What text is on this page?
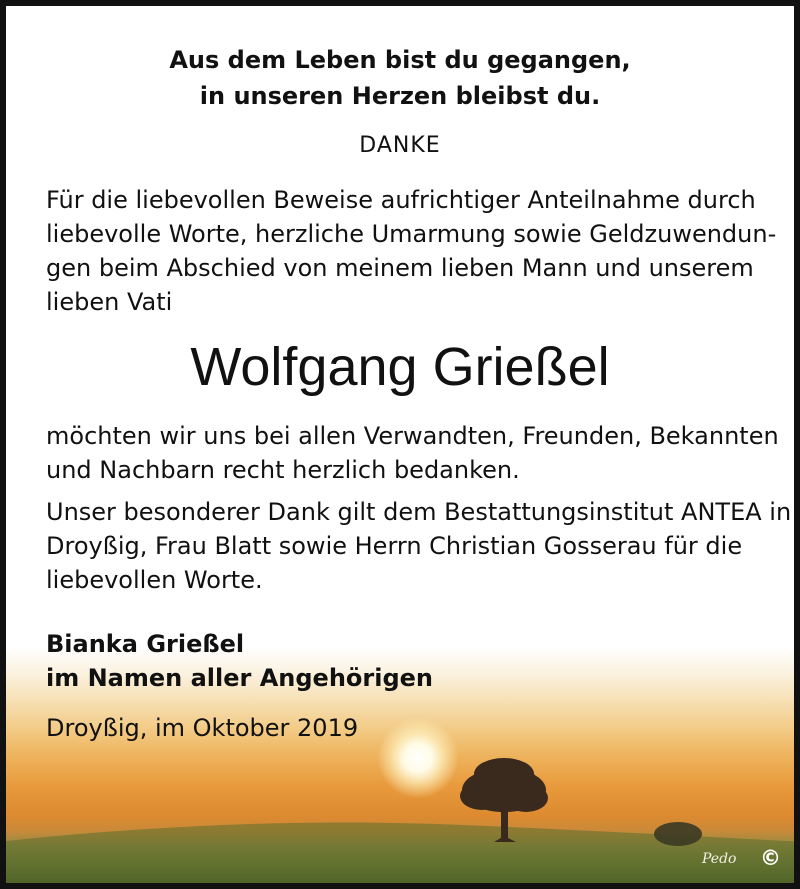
Aus dem Leben bist du gegangen,
in unseren Herzen bleibst du.
DANKE
Für die liebevollen Beweise aufrichtiger Anteilnahme durch
liebevolle Worte, herzliche Umarmung sowie Geldzuwendun-
gen beim Abschied von meinem lieben Mann und unserem
lieben Vati
Wolfgang Grießel
möchten wir uns bei allen Verwandten, Freunden, Bekannten
und Nachbarn recht herzlich bedanken.
Unser besonderer Dank gilt dem Bestattungsinstitut ANTEA in
Droyßig, Frau Blatt sowie Herrn Christian Gosserau für die
liebevollen Worte.
Bianka Grießel
im Namen aller Angehörigen
Droyßig, im Oktober 2019
Pedo ©
